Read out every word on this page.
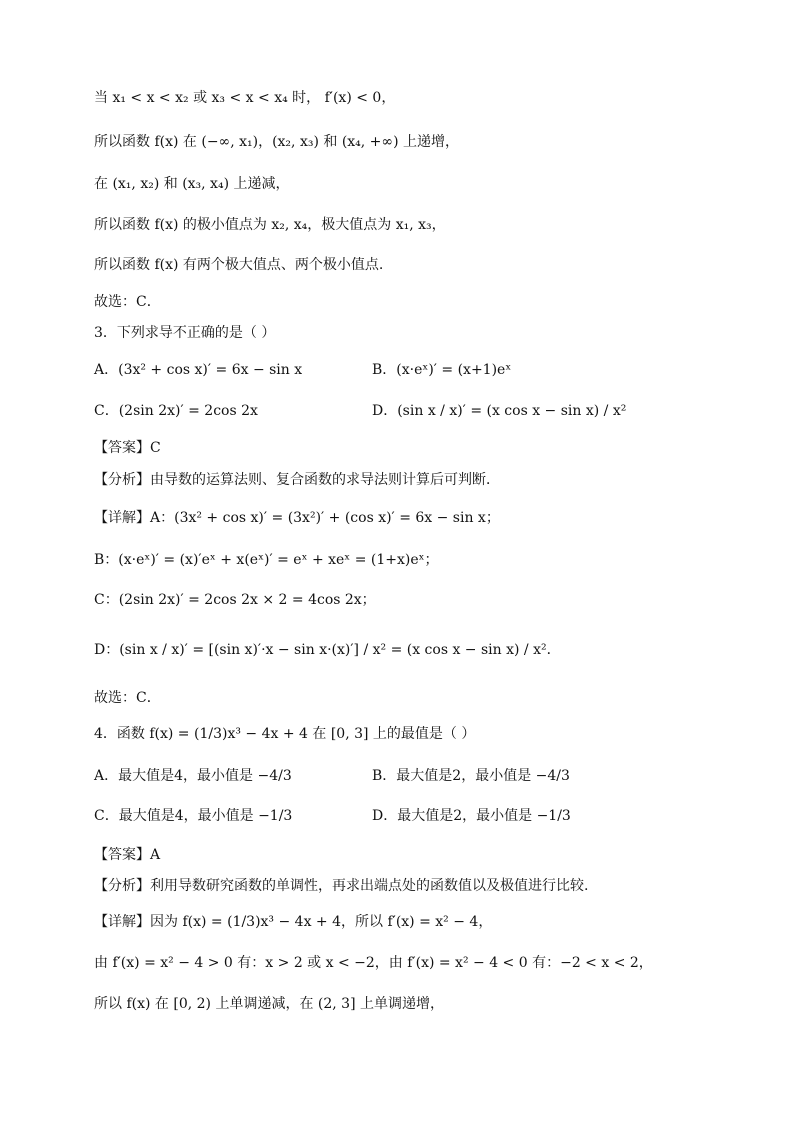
当 x₁ < x < x₂ 或 x₃ < x < x₄ 时， f′(x) < 0，
所以函数 f(x) 在 (−∞, x₁)，(x₂, x₃) 和 (x₄, +∞) 上递增，
在 (x₁, x₂) 和 (x₃, x₄) 上递减，
所以函数 f(x) 的极小值点为 x₂, x₄，极大值点为 x₁, x₃，
所以函数 f(x) 有两个极大值点、两个极小值点.
故选：C．
3．下列求导不正确的是（ ）
A．(3x² + cos x)′ = 6x − sin x	B．(x·eˣ)′ = (x+1)eˣ
C．(2sin 2x)′ = 2cos 2x	D．(sin x / x)′ = (x cos x − sin x) / x²
【答案】C
【分析】由导数的运算法则、复合函数的求导法则计算后可判断．
【详解】A：(3x² + cos x)′ = (3x²)′ + (cos x)′ = 6x − sin x；
B：(x·eˣ)′ = (x)′eˣ + x(eˣ)′ = eˣ + xeˣ = (1+x)eˣ；
C：(2sin 2x)′ = 2cos 2x × 2 = 4cos 2x；
D：(sin x / x)′ = [(sin x)′·x − sin x·(x)′] / x² = (x cos x − sin x) / x²．
故选：C．
4．函数 f(x) = (1/3)x³ − 4x + 4 在 [0, 3] 上的最值是（ ）
A．最大值是4，最小值是 −4/3	B．最大值是2，最小值是 −4/3
C．最大值是4，最小值是 −1/3	D．最大值是2，最小值是 −1/3
【答案】A
【分析】利用导数研究函数的单调性，再求出端点处的函数值以及极值进行比较.
【详解】因为 f(x) = (1/3)x³ − 4x + 4，所以 f′(x) = x² − 4，
由 f′(x) = x² − 4 > 0 有：x > 2 或 x < −2，由 f′(x) = x² − 4 < 0 有：−2 < x < 2，
所以 f(x) 在 [0, 2) 上单调递减，在 (2, 3] 上单调递增，
